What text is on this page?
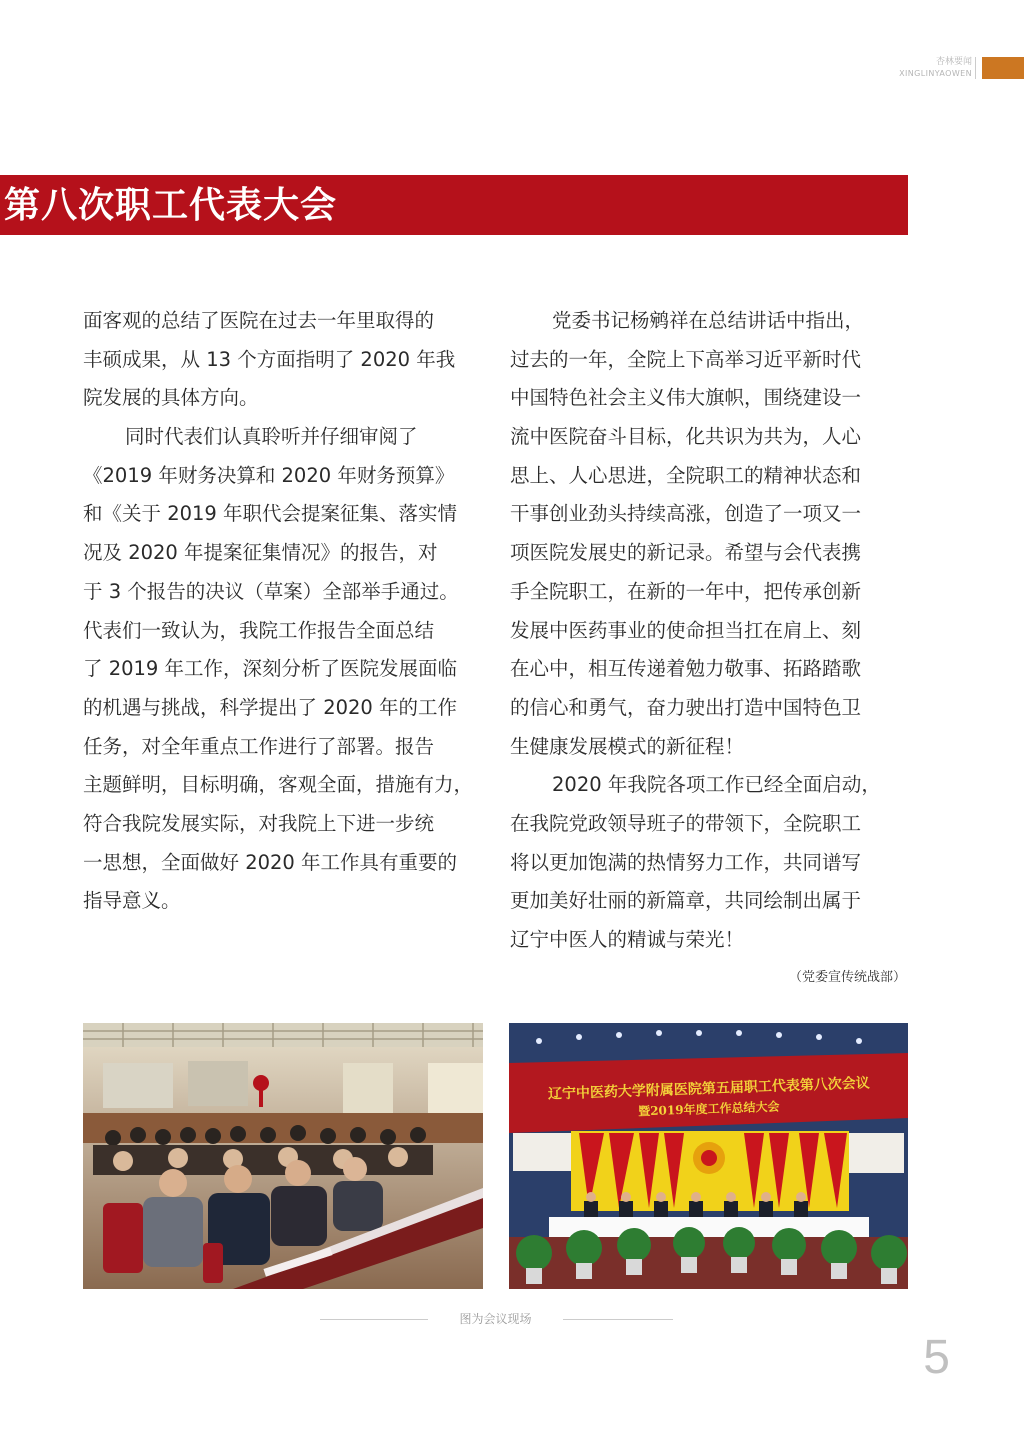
杏林要闻
XINGLINYAOWEN
第八次职工代表大会
面客观的总结了医院在过去一年里取得的
丰硕成果，从 13 个方面指明了 2020 年我
院发展的具体方向。
同时代表们认真聆听并仔细审阅了
《2019 年财务决算和 2020 年财务预算》
和《关于 2019 年职代会提案征集、落实情
况及 2020 年提案征集情况》的报告，对
于 3 个报告的决议（草案）全部举手通过。
代表们一致认为，我院工作报告全面总结
了 2019 年工作，深刻分析了医院发展面临
的机遇与挑战，科学提出了 2020 年的工作
任务，对全年重点工作进行了部署。报告
主题鲜明，目标明确，客观全面，措施有力，
符合我院发展实际，对我院上下进一步统
一思想，全面做好 2020 年工作具有重要的
指导意义。
党委书记杨鹓祥在总结讲话中指出，
过去的一年，全院上下高举习近平新时代
中国特色社会主义伟大旗帜，围绕建设一
流中医院奋斗目标，化共识为共为，人心
思上、人心思进，全院职工的精神状态和
干事创业劲头持续高涨，创造了一项又一
项医院发展史的新记录。希望与会代表携
手全院职工，在新的一年中，把传承创新
发展中医药事业的使命担当扛在肩上、刻
在心中，相互传递着勉力敬事、拓路踏歌
的信心和勇气，奋力驶出打造中国特色卫
生健康发展模式的新征程！
2020 年我院各项工作已经全面启动，
在我院党政领导班子的带领下，全院职工
将以更加饱满的热情努力工作，共同谱写
更加美好壮丽的新篇章，共同绘制出属于
辽宁中医人的精诚与荣光！
（党委宣传统战部）
辽宁中医药大学附属医院第五届职工代表第八次会议
暨2019年度工作总结大会
图为会议现场
5
